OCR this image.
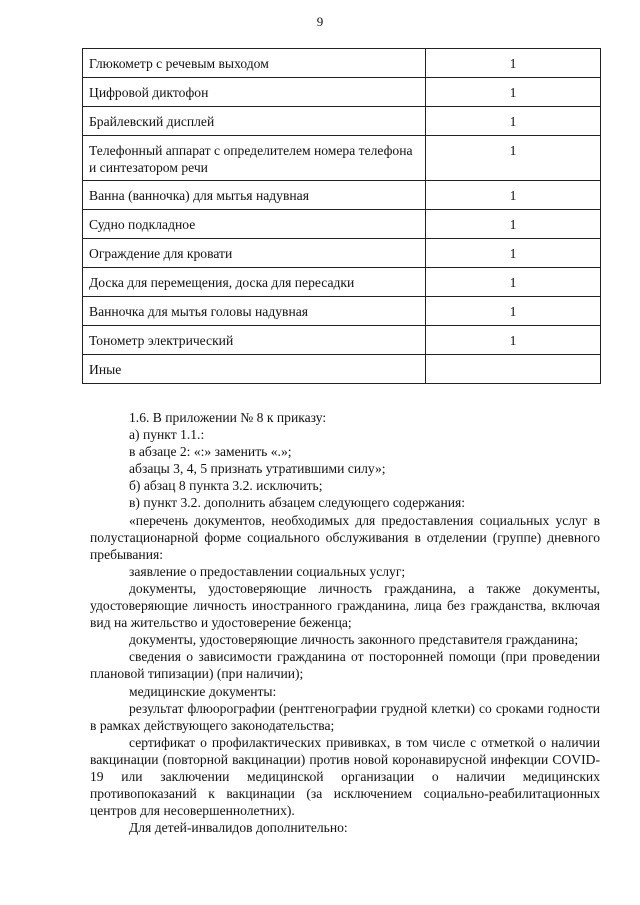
9
Глюкометр с речевым выходом	1
Цифровой диктофон	1
Брайлевский дисплей	1
Телефонный аппарат с определителем номера телефона и синтезатором речи	1
Ванна (ванночка) для мытья надувная	1
Судно подкладное	1
Ограждение для кровати	1
Доска для перемещения, доска для пересадки	1
Ванночка для мытья головы надувная	1
Тонометр электрический	1
Иные	

1.6. В приложении № 8 к приказу:

а) пункт 1.1.:

в абзаце 2: «:» заменить «.»;

абзацы 3, 4, 5 признать утратившими силу»;

б) абзац 8 пункта 3.2. исключить;

в) пункт 3.2. дополнить абзацем следующего содержания:

«перечень документов, необходимых для предоставления социальных услуг в полустационарной форме социального обслуживания в отделении (группе) дневного пребывания:

заявление о предоставлении социальных услуг;

документы, удостоверяющие личность гражданина, а также документы, удостоверяющие личность иностранного гражданина, лица без гражданства, включая вид на жительство и удостоверение беженца;

документы, удостоверяющие личность законного представителя гражданина;

сведения о зависимости гражданина от посторонней помощи (при проведении плановой типизации) (при наличии);

медицинские документы:

результат флюорографии (рентгенографии грудной клетки) со сроками годности в рамках действующего законодательства;

сертификат о профилактических прививках, в том числе с отметкой о наличии вакцинации (повторной вакцинации) против новой коронавирусной инфекции COVID-19 или заключении медицинской организации о наличии медицинских противопоказаний к вакцинации (за исключением социально-реабилитационных центров для несовершеннолетних).

Для детей-инвалидов дополнительно:
